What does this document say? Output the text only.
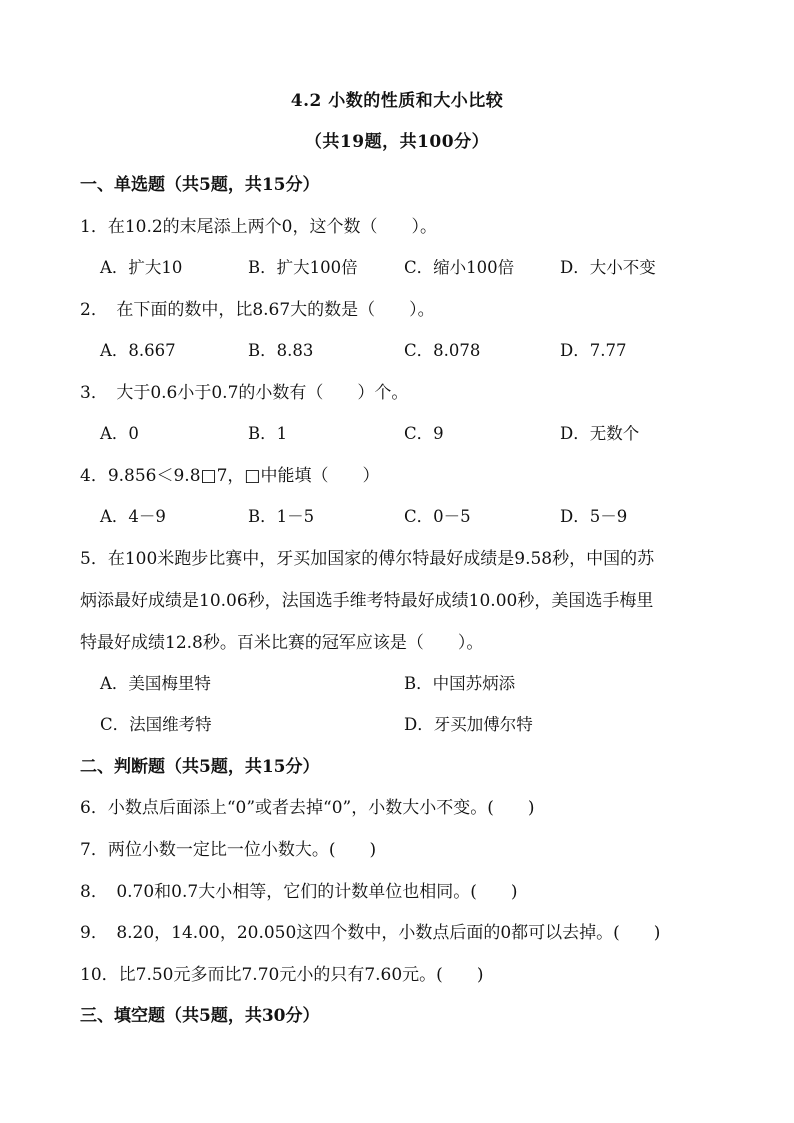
4.2 小数的性质和大小比较
（共19题，共100分）
一、单选题（共5题，共15分）
1．在10.2的末尾添上两个0，这个数（　　）。
A．扩大10	B．扩大100倍	C．缩小100倍	D．大小不变
2．　在下面的数中，比8.67大的数是（　　）。
A．8.667	B．8.83	C．8.078	D．7.77
3．　大于0.6小于0.7的小数有（　　）个。
A．0	B．1	C．9	D．无数个
4．9.856＜9.8□7，□中能填（　　）
A．4－9	B．1－5	C．0－5	D．5－9
5．在100米跑步比赛中，牙买加国家的傅尔特最好成绩是9.58秒，中国的苏
炳添最好成绩是10.06秒，法国选手维考特最好成绩10.00秒，美国选手梅里
特最好成绩12.8秒。百米比赛的冠军应该是（　　）。
A．美国梅里特	B．中国苏炳添
C．法国维考特	D．牙买加傅尔特
二、判断题（共5题，共15分）
6．小数点后面添上“0”或者去掉“0”，小数大小不变。(　　)
7．两位小数一定比一位小数大。(　　)
8．　0.70和0.7大小相等，它们的计数单位也相同。(　　)
9．　8.20，14.00，20.050这四个数中，小数点后面的0都可以去掉。(　　)
10．比7.50元多而比7.70元小的只有7.60元。(　　)
三、填空题（共5题，共30分）
